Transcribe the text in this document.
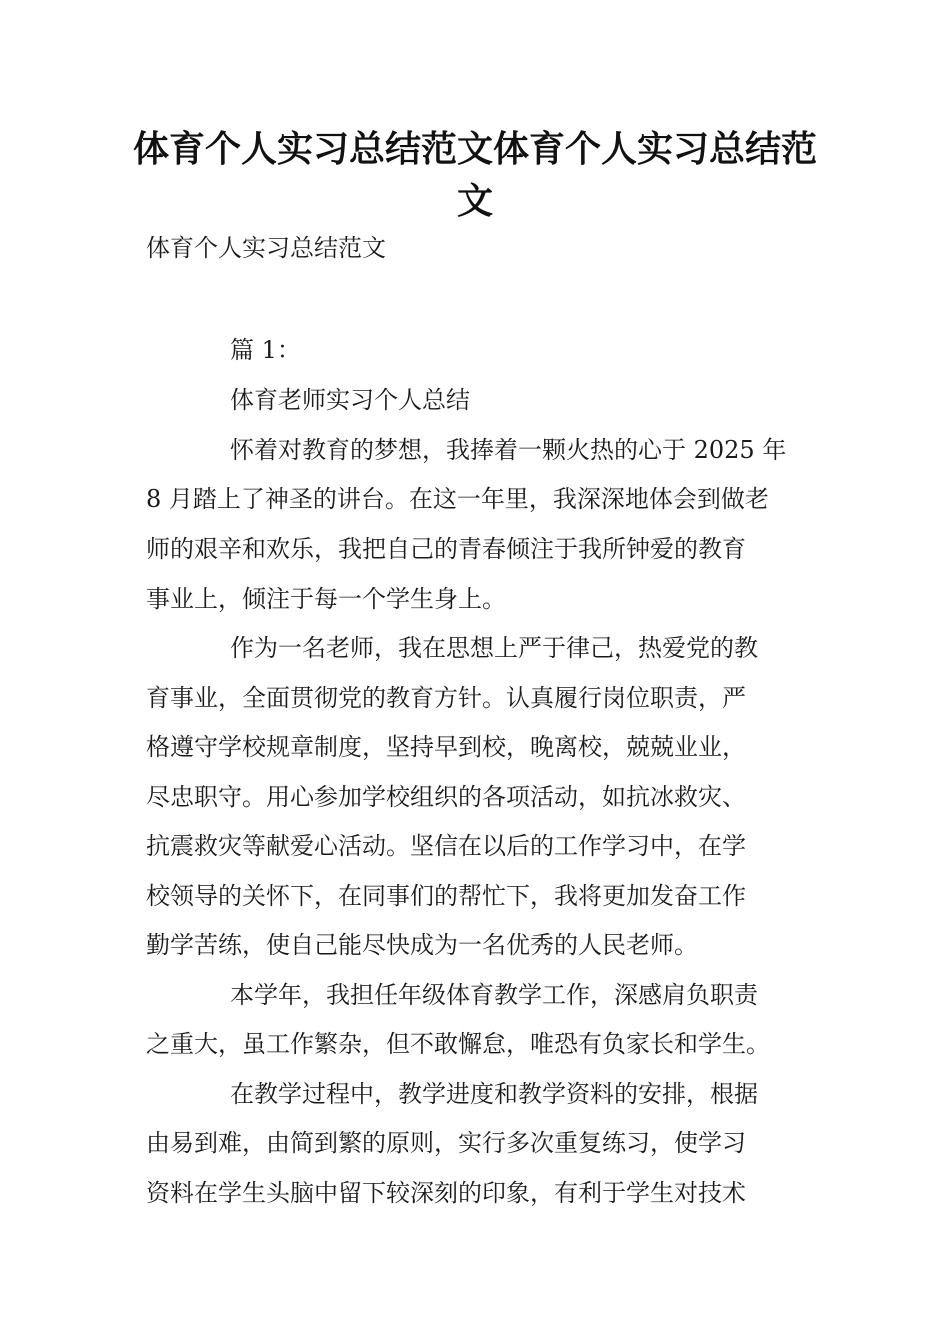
体育个人实习总结范文体育个人实习总结范文

体育个人实习总结范文

篇 1：

体育老师实习个人总结

怀着对教育的梦想，我捧着一颗火热的心于 2025 年

8 月踏上了神圣的讲台。在这一年里，我深深地体会到做老

师的艰辛和欢乐，我把自己的青春倾注于我所钟爱的教育

事业上，倾注于每一个学生身上。

作为一名老师，我在思想上严于律己，热爱党的教

育事业，全面贯彻党的教育方针。认真履行岗位职责，严

格遵守学校规章制度，坚持早到校，晚离校，兢兢业业，

尽忠职守。用心参加学校组织的各项活动，如抗冰救灾、

抗震救灾等献爱心活动。坚信在以后的工作学习中，在学

校领导的关怀下，在同事们的帮忙下，我将更加发奋工作

勤学苦练，使自己能尽快成为一名优秀的人民老师。

本学年，我担任年级体育教学工作，深感肩负职责

之重大，虽工作繁杂，但不敢懈怠，唯恐有负家长和学生。

在教学过程中，教学进度和教学资料的安排，根据

由易到难，由简到繁的原则，实行多次重复练习，使学习

资料在学生头脑中留下较深刻的印象，有利于学生对技术
